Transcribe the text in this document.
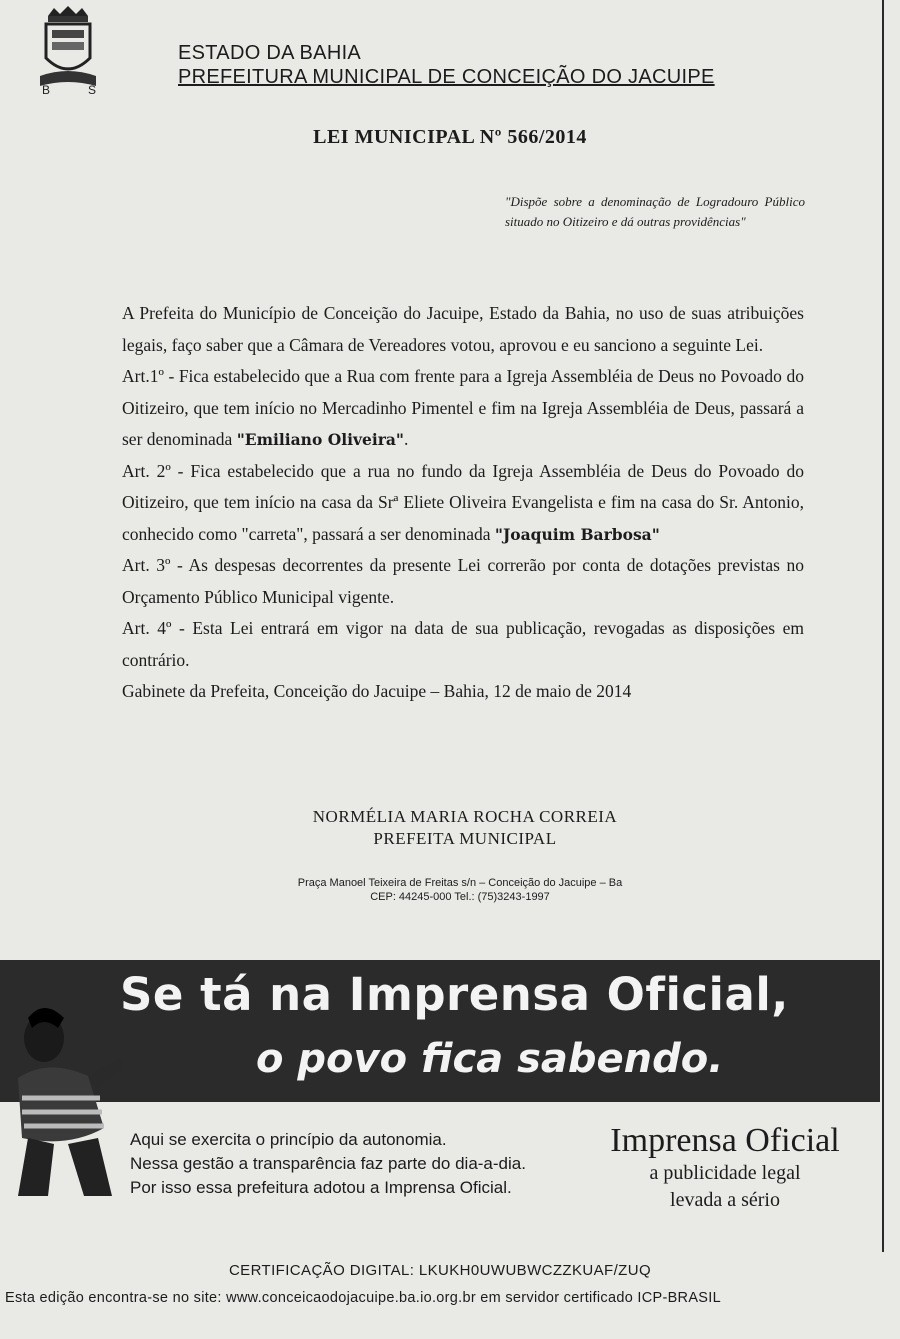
B	S
ESTADO DA BAHIA
PREFEITURA MUNICIPAL DE CONCEIÇÃO DO JACUIPE
LEI MUNICIPAL Nº 566/2014
"Dispõe sobre a denominação de Logradouro Público situado no Oitizeiro e dá outras providências"

A Prefeita do Município de Conceição do Jacuipe, Estado da Bahia, no uso de suas atribuições legais, faço saber que a Câmara de Vereadores votou, aprovou e eu sanciono a seguinte Lei.

Art.1º - Fica estabelecido que a Rua com frente para a Igreja Assembléia de Deus no Povoado do Oitizeiro, que tem início no Mercadinho Pimentel e fim na Igreja Assembléia de Deus, passará a ser denominada "Emiliano Oliveira".

Art. 2º - Fica estabelecido que a rua no fundo da Igreja Assembléia de Deus do Povoado do Oitizeiro, que tem início na casa da Srª Eliete Oliveira Evangelista e fim na casa do Sr. Antonio, conhecido como "carreta", passará a ser denominada "Joaquim Barbosa"

Art. 3º - As despesas decorrentes da presente Lei correrão por conta de dotações previstas no Orçamento Público Municipal vigente.

Art. 4º - Esta Lei entrará em vigor na data de sua publicação, revogadas as disposições em contrário.

Gabinete da Prefeita, Conceição do Jacuipe – Bahia, 12 de maio de 2014

NORMÉLIA MARIA ROCHA CORREIA
PREFEITA MUNICIPAL
Praça Manoel Teixeira de Freitas s/n – Conceição do Jacuipe – Ba
CEP: 44245-000 Tel.: (75)3243-1997
Se tá na Imprensa Oficial,
o povo fica sabendo.
Aqui se exercita o princípio da autonomia.
Nessa gestão a transparência faz parte do dia-a-dia.
Por isso essa prefeitura adotou a Imprensa Oficial.
Imprensa Oficial
a publicidade legal
levada a sério
CERTIFICAÇÃO DIGITAL: LKUKH0UWUBWCZZKUAF/ZUQ
Esta edição encontra-se no site: www.conceicaodojacuipe.ba.io.org.br em servidor certificado ICP-BRASIL
